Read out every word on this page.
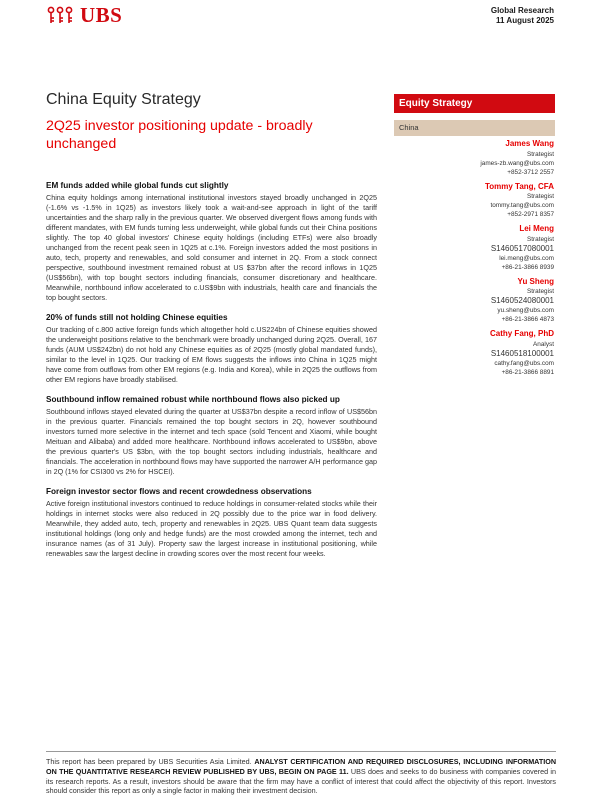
UBS	Global Research
11 August 2025
China Equity Strategy
2Q25 investor positioning update - broadly unchanged
Equity Strategy
China
James Wang
Strategist
james-zb.wang@ubs.com
+852-3712 2557
Tommy Tang, CFA
Strategist
tommy.tang@ubs.com
+852-2971 8357
Lei Meng
Strategist
S1460517080001
lei.meng@ubs.com
+86-21-3866 8939
Yu Sheng
Strategist
S1460524080001
yu.sheng@ubs.com
+86-21-3866 4873
Cathy Fang, PhD
Analyst
S1460518100001
cathy.fang@ubs.com
+86-21-3866 8891
EM funds added while global funds cut slightly
China equity holdings among international institutional investors stayed broadly unchanged in 2Q25 (-1.6% vs -1.5% in 1Q25) as investors likely took a wait-and-see approach in light of the tariff uncertainties and the sharp rally in the previous quarter. We observed divergent flows among funds with different mandates, with EM funds turning less underweight, while global funds cut their China positions slightly. The top 40 global investors' Chinese equity holdings (including ETFs) were also broadly unchanged from the recent peak seen in 1Q25 at c.1%. Foreign investors added the most positions in auto, tech, property and renewables, and sold consumer and internet in 2Q. From a stock connect perspective, southbound investment remained robust at US $37bn after the record inflows in 1Q25 (US$56bn), with top bought sectors including financials, consumer discretionary and healthcare. Meanwhile, northbound inflow accelerated to c.US$9bn with industrials, health care and financials the top bought sectors.
20% of funds still not holding Chinese equities
Our tracking of c.800 active foreign funds which altogether hold c.US224bn of Chinese equities showed the underweight positions relative to the benchmark were broadly unchanged during 2Q25. Overall, 167 funds (AUM US$242bn) do not hold any Chinese equities as of 2Q25 (mostly global mandated funds), similar to the level in 1Q25. Our tracking of EM flows suggests the inflows into China in 1Q25 might have come from outflows from other EM regions (e.g. India and Korea), while in 2Q25 the outflows from other EM regions have broadly stabilised.
Southbound inflow remained robust while northbound flows also picked up
Southbound inflows stayed elevated during the quarter at US$37bn despite a record inflow of US$56bn in the previous quarter. Financials remained the top bought sectors in 2Q, however southbound investors turned more selective in the internet and tech space (sold Tencent and Xiaomi, while bought Meituan and Alibaba) and added more healthcare. Northbound inflows accelerated to US$9bn, above the previous quarter's US $3bn, with the top bought sectors including industrials, healthcare and financials. The acceleration in northbound flows may have supported the narrower A/H performance gap in 2Q (1% for CSI300 vs 2% for HSCEI).
Foreign investor sector flows and recent crowdedness observations
Active foreign institutional investors continued to reduce holdings in consumer-related stocks while their holdings in internet stocks were also reduced in 2Q possibly due to the price war in food delivery. Meanwhile, they added auto, tech, property and renewables in 2Q25. UBS Quant team data suggests institutional holdings (long only and hedge funds) are the most crowded among the internet, tech and insurance names (as of 31 July). Property saw the largest increase in institutional positioning, while renewables saw the largest decline in crowding scores over the most recent four weeks.
This report has been prepared by UBS Securities Asia Limited. ANALYST CERTIFICATION AND REQUIRED DISCLOSURES, INCLUDING INFORMATION ON THE QUANTITATIVE RESEARCH REVIEW PUBLISHED BY UBS, BEGIN ON PAGE 11. UBS does and seeks to do business with companies covered in its research reports. As a result, investors should be aware that the firm may have a conflict of interest that could affect the objectivity of this report. Investors should consider this report as only a single factor in making their investment decision.
